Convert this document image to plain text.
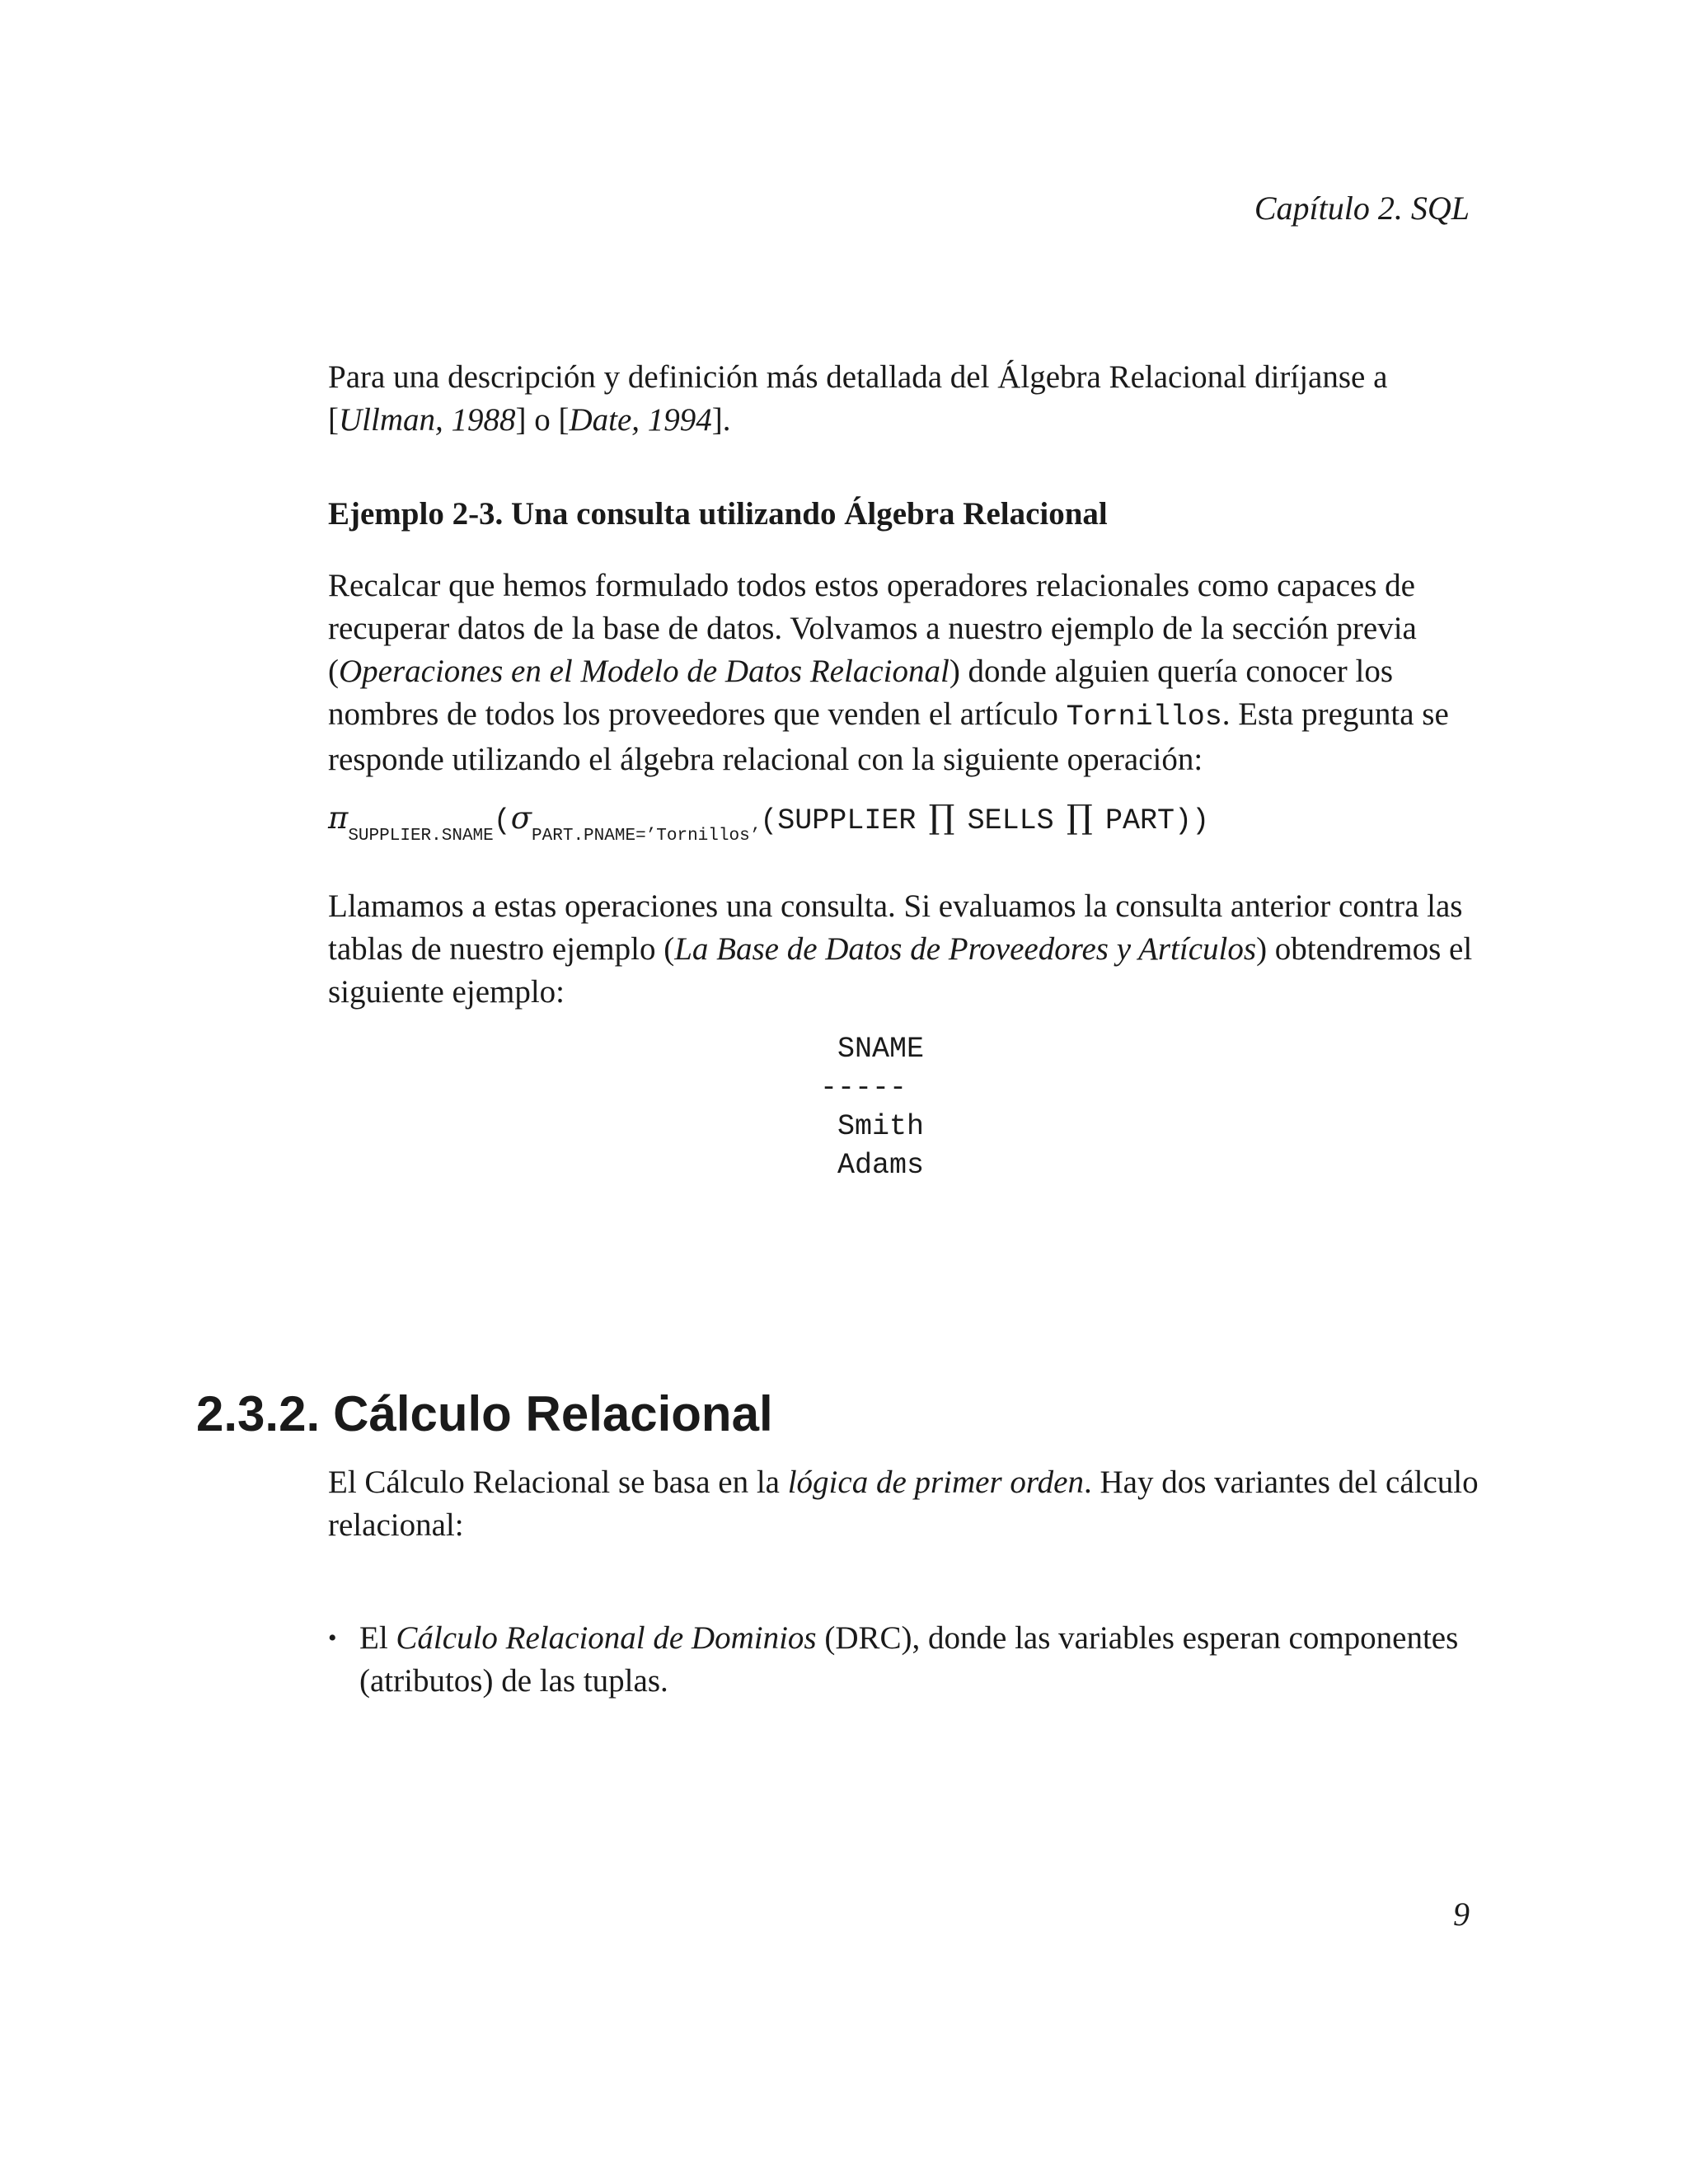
Capítulo 2. SQL

Para una descripción y definición más detallada del Álgebra Relacional diríjanse a [Ullman, 1988] o [Date, 1994].

Ejemplo 2-3. Una consulta utilizando Álgebra Relacional

Recalcar que hemos formulado todos estos operadores relacionales como capaces de recuperar datos de la base de datos. Volvamos a nuestro ejemplo de la sección previa (Operaciones en el Modelo de Datos Relacional) donde alguien quería conocer los nombres de todos los proveedores que venden el artículo Tornillos. Esta pregunta se responde utilizando el álgebra relacional con la siguiente operación:

$\pi_{SUPPLIER.SNAME}(\sigma_{PART.PNAME=’Tornillos’}(SUPPLIER$ ∏ SELLS ∏ PART))

Llamamos a estas operaciones una consulta. Si evaluamos la consulta anterior contra las tablas de nuestro ejemplo (La Base de Datos de Proveedores y Artículos) obtendremos el siguiente ejemplo:

SNAME
-----
Smith
Adams
2.3.2. Cálculo Relacional

El Cálculo Relacional se basa en la lógica de primer orden. Hay dos variantes del cálculo relacional:

• El Cálculo Relacional de Dominios (DRC), donde las variables esperan componentes (atributos) de las tuplas.
9
